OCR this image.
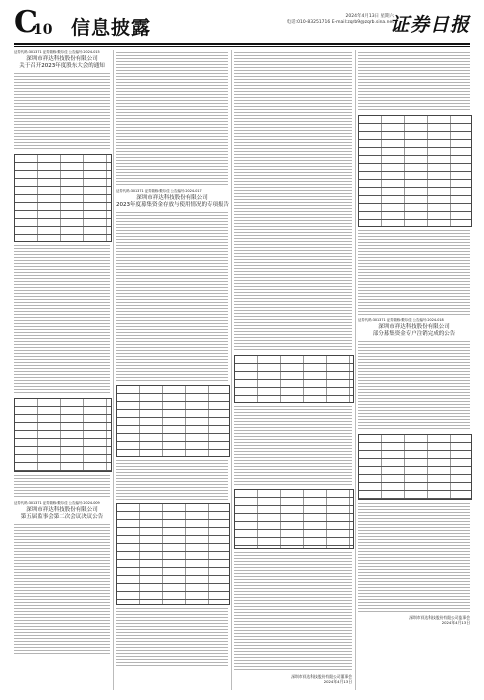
C
10 信息披露
2024年4月13日 星期六
电话:010-83251716 E-mail:zqrb9@zqrb.sina.net
证券日报
证券代码:301371 证券简称:敷尔佳 公告编号:2024-015
深圳市祥达科技股份有限公司
关于召开2023年度股东大会的通知
证券代码:301371 证券简称:敷尔佳 公告编号:2024-009
深圳市祥达科技股份有限公司
第五届监事会第二次会议决议公告
证券代码:301371 证券简称:敷尔佳 公告编号:2024-017
深圳市祥达科技股份有限公司
2023年度募集资金存放与使用情况的专项报告
深圳市祥达科技股份有限公司董事会
2024年4月13日
证券代码:301371 证券简称:敷尔佳 公告编号:2024-018
深圳市祥达科技股份有限公司
部分募集资金专户注销完成的公告
深圳市祥达科技股份有限公司监事会
2024年4月13日
